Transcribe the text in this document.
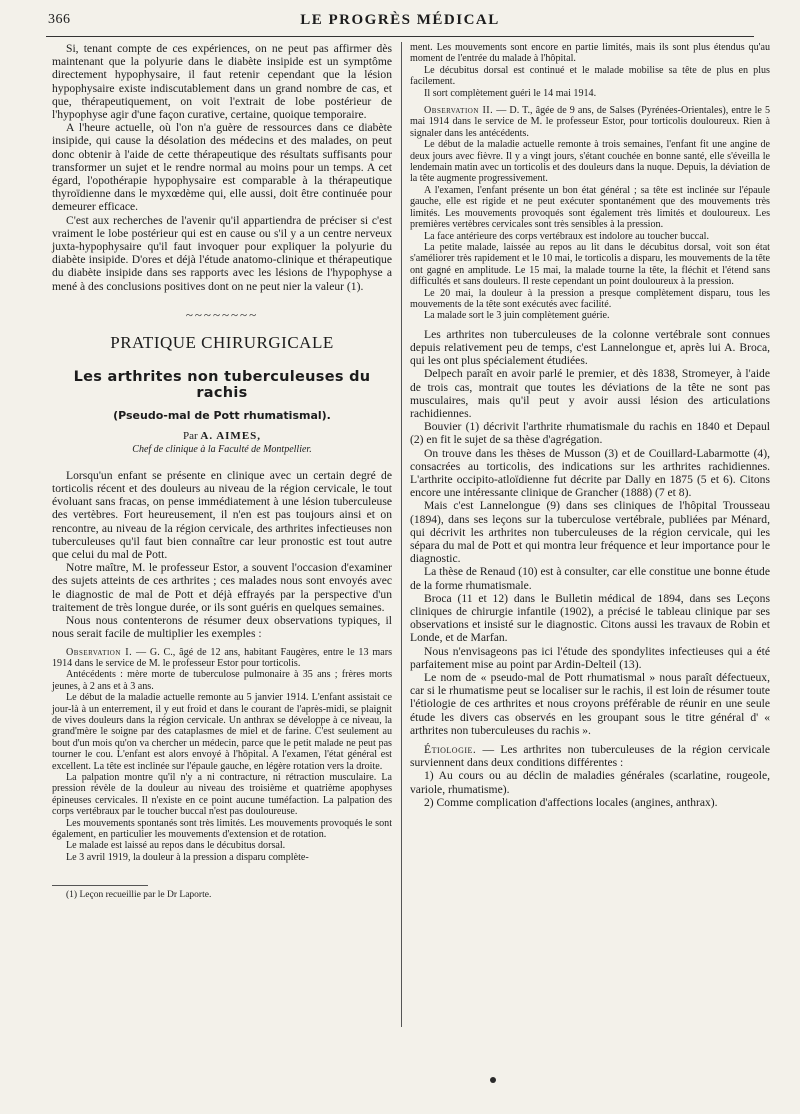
366	LE PROGRÈS MÉDICAL

Si, tenant compte de ces expériences, on ne peut pas affirmer dès maintenant que la polyurie dans le diabète insipide est un symptôme directement hypophysaire, il faut retenir cependant que la lésion hypophysaire existe indiscutablement dans un grand nombre de cas, et que, thérapeutiquement, on voit l'extrait de lobe postérieur de l'hypophyse agir d'une façon curative, certaine, quoique temporaire.

A l'heure actuelle, où l'on n'a guère de ressources dans ce diabète insipide, qui cause la désolation des médecins et des malades, on peut donc obtenir à l'aide de cette thérapeutique des résultats suffisants pour transformer un sujet et le rendre normal au moins pour un temps. A cet égard, l'opothérapie hypophysaire est comparable à la thérapeutique thyroïdienne dans le myxœdème qui, elle aussi, doit être continuée pour demeurer efficace.

C'est aux recherches de l'avenir qu'il appartiendra de préciser si c'est vraiment le lobe postérieur qui est en cause ou s'il y a un centre nerveux juxta-hypophysaire qu'il faut invoquer pour expliquer la polyurie du diabète insipide. D'ores et déjà l'étude anatomo-clinique et thérapeutique du diabète insipide dans ses rapports avec les lésions de l'hypophyse a mené à des conclusions positives dont on ne peut nier la valeur (1).

~~~~~~~~
PRATIQUE CHIRURGICALE
Les arthrites non tuberculeuses du rachis
(Pseudo-mal de Pott rhumatismal).
Par A. AIMES,
Chef de clinique à la Faculté de Montpellier.

Lorsqu'un enfant se présente en clinique avec un certain degré de torticolis récent et des douleurs au niveau de la région cervicale, le tout évoluant sans fracas, on pense immédiatement à une lésion tuberculeuse des vertèbres. Fort heureusement, il n'en est pas toujours ainsi et on rencontre, au niveau de la région cervicale, des arthrites infectieuses non tuberculeuses qu'il faut bien connaître car leur pronostic est tout autre que celui du mal de Pott.

Notre maître, M. le professeur Estor, a souvent l'occasion d'examiner des sujets atteints de ces arthrites ; ces malades nous sont envoyés avec le diagnostic de mal de Pott et déjà effrayés par la perspective d'un traitement de très longue durée, or ils sont guéris en quelques semaines.

Nous nous contenterons de résumer deux observations typiques, il nous serait facile de multiplier les exemples :

Observation I. — G. C., âgé de 12 ans, habitant Faugères, entre le 13 mars 1914 dans le service de M. le professeur Estor pour torticolis.

Antécédents : mère morte de tuberculose pulmonaire à 35 ans ; frères morts jeunes, à 2 ans et à 3 ans.

Le début de la maladie actuelle remonte au 5 janvier 1914. L'enfant assistait ce jour-là à un enterrement, il y eut froid et dans le courant de l'après-midi, se plaignit de vives douleurs dans la région cervicale. Un anthrax se développe à ce niveau, la grand'mère le soigne par des cataplasmes de miel et de farine. C'est seulement au bout d'un mois qu'on va chercher un médecin, parce que le petit malade ne peut pas tourner le cou. L'enfant est alors envoyé à l'hôpital. A l'examen, l'état général est excellent. La tête est inclinée sur l'épaule gauche, en légère rotation vers la droite.

La palpation montre qu'il n'y a ni contracture, ni rétraction musculaire. La pression révèle de la douleur au niveau des troisième et quatrième apophyses épineuses cervicales. Il n'existe en ce point aucune tuméfaction. La palpation des corps vertébraux par le toucher buccal n'est pas douloureuse.

Les mouvements spontanés sont très limités. Les mouvements provoqués le sont également, en particulier les mouvements d'extension et de rotation.

Le malade est laissé au repos dans le décubitus dorsal.

Le 3 avril 1919, la douleur à la pression a disparu complète-

(1) Leçon recueillie par le Dr Laporte.

ment. Les mouvements sont encore en partie limités, mais ils sont plus étendus qu'au moment de l'entrée du malade à l'hôpital.

Le décubitus dorsal est continué et le malade mobilise sa tête de plus en plus facilement.

Il sort complètement guéri le 14 mai 1914.

Observation II. — D. T., âgée de 9 ans, de Salses (Pyrénées-Orientales), entre le 5 mai 1914 dans le service de M. le professeur Estor, pour torticolis douloureux. Rien à signaler dans les antécédents.

Le début de la maladie actuelle remonte à trois semaines, l'enfant fit une angine de deux jours avec fièvre. Il y a vingt jours, s'étant couchée en bonne santé, elle s'éveilla le lendemain matin avec un torticolis et des douleurs dans la nuque. Depuis, la déviation de la tête augmente progressivement.

A l'examen, l'enfant présente un bon état général ; sa tête est inclinée sur l'épaule gauche, elle est rigide et ne peut exécuter spontanément que des mouvements très limités. Les mouvements provoqués sont également très limités et douloureux. Les premières vertèbres cervicales sont très sensibles à la pression.

La face antérieure des corps vertébraux est indolore au toucher buccal.

La petite malade, laissée au repos au lit dans le décubitus dorsal, voit son état s'améliorer très rapidement et le 10 mai, le torticolis a disparu, les mouvements de la tête ont gagné en amplitude. Le 15 mai, la malade tourne la tête, la fléchit et l'étend sans difficultés et sans douleurs. Il reste cependant un point douloureux à la pression.

Le 20 mai, la douleur à la pression a presque complètement disparu, tous les mouvements de la tête sont exécutés avec facilité.

La malade sort le 3 juin complètement guérie.

Les arthrites non tuberculeuses de la colonne vertébrale sont connues depuis relativement peu de temps, c'est Lannelongue et, après lui A. Broca, qui les ont plus spécialement étudiées.

Delpech paraît en avoir parlé le premier, et dès 1838, Stromeyer, à l'aide de trois cas, montrait que toutes les déviations de la tête ne sont pas musculaires, mais qu'il peut y avoir aussi lésion des articulations rachidiennes.

Bouvier (1) décrivit l'arthrite rhumatismale du rachis en 1840 et Depaul (2) en fit le sujet de sa thèse d'agrégation.

On trouve dans les thèses de Musson (3) et de Couillard-Labarmotte (4), consacrées au torticolis, des indications sur les arthrites rachidiennes. L'arthrite occipito-atloïdienne fut décrite par Dally en 1875 (5 et 6). Citons encore une intéressante clinique de Grancher (1888) (7 et 8).

Mais c'est Lannelongue (9) dans ses cliniques de l'hôpital Trousseau (1894), dans ses leçons sur la tuberculose vertébrale, publiées par Ménard, qui décrivit les arthrites non tuberculeuses de la région cervicale, qui les sépara du mal de Pott et qui montra leur fréquence et leur importance pour le diagnostic.

La thèse de Renaud (10) est à consulter, car elle constitue une bonne étude de la forme rhumatismale.

Broca (11 et 12) dans le Bulletin médical de 1894, dans ses Leçons cliniques de chirurgie infantile (1902), a précisé le tableau clinique par ses observations et insisté sur le diagnostic. Citons aussi les travaux de Robin et Londe, et de Marfan.

Nous n'envisageons pas ici l'étude des spondylites infectieuses qui a été parfaitement mise au point par Ardin-Delteil (13).

Le nom de « pseudo-mal de Pott rhumatismal » nous paraît défectueux, car si le rhumatisme peut se localiser sur le rachis, il est loin de résumer toute l'étiologie de ces arthrites et nous croyons préférable de réunir en une seule étude les divers cas observés en les groupant sous le titre général d' « arthrites non tuberculeuses du rachis ».

Étiologie. — Les arthrites non tuberculeuses de la région cervicale surviennent dans deux conditions différentes :

1) Au cours ou au déclin de maladies générales (scarlatine, rougeole, variole, rhumatisme).

2) Comme complication d'affections locales (angines, anthrax).
